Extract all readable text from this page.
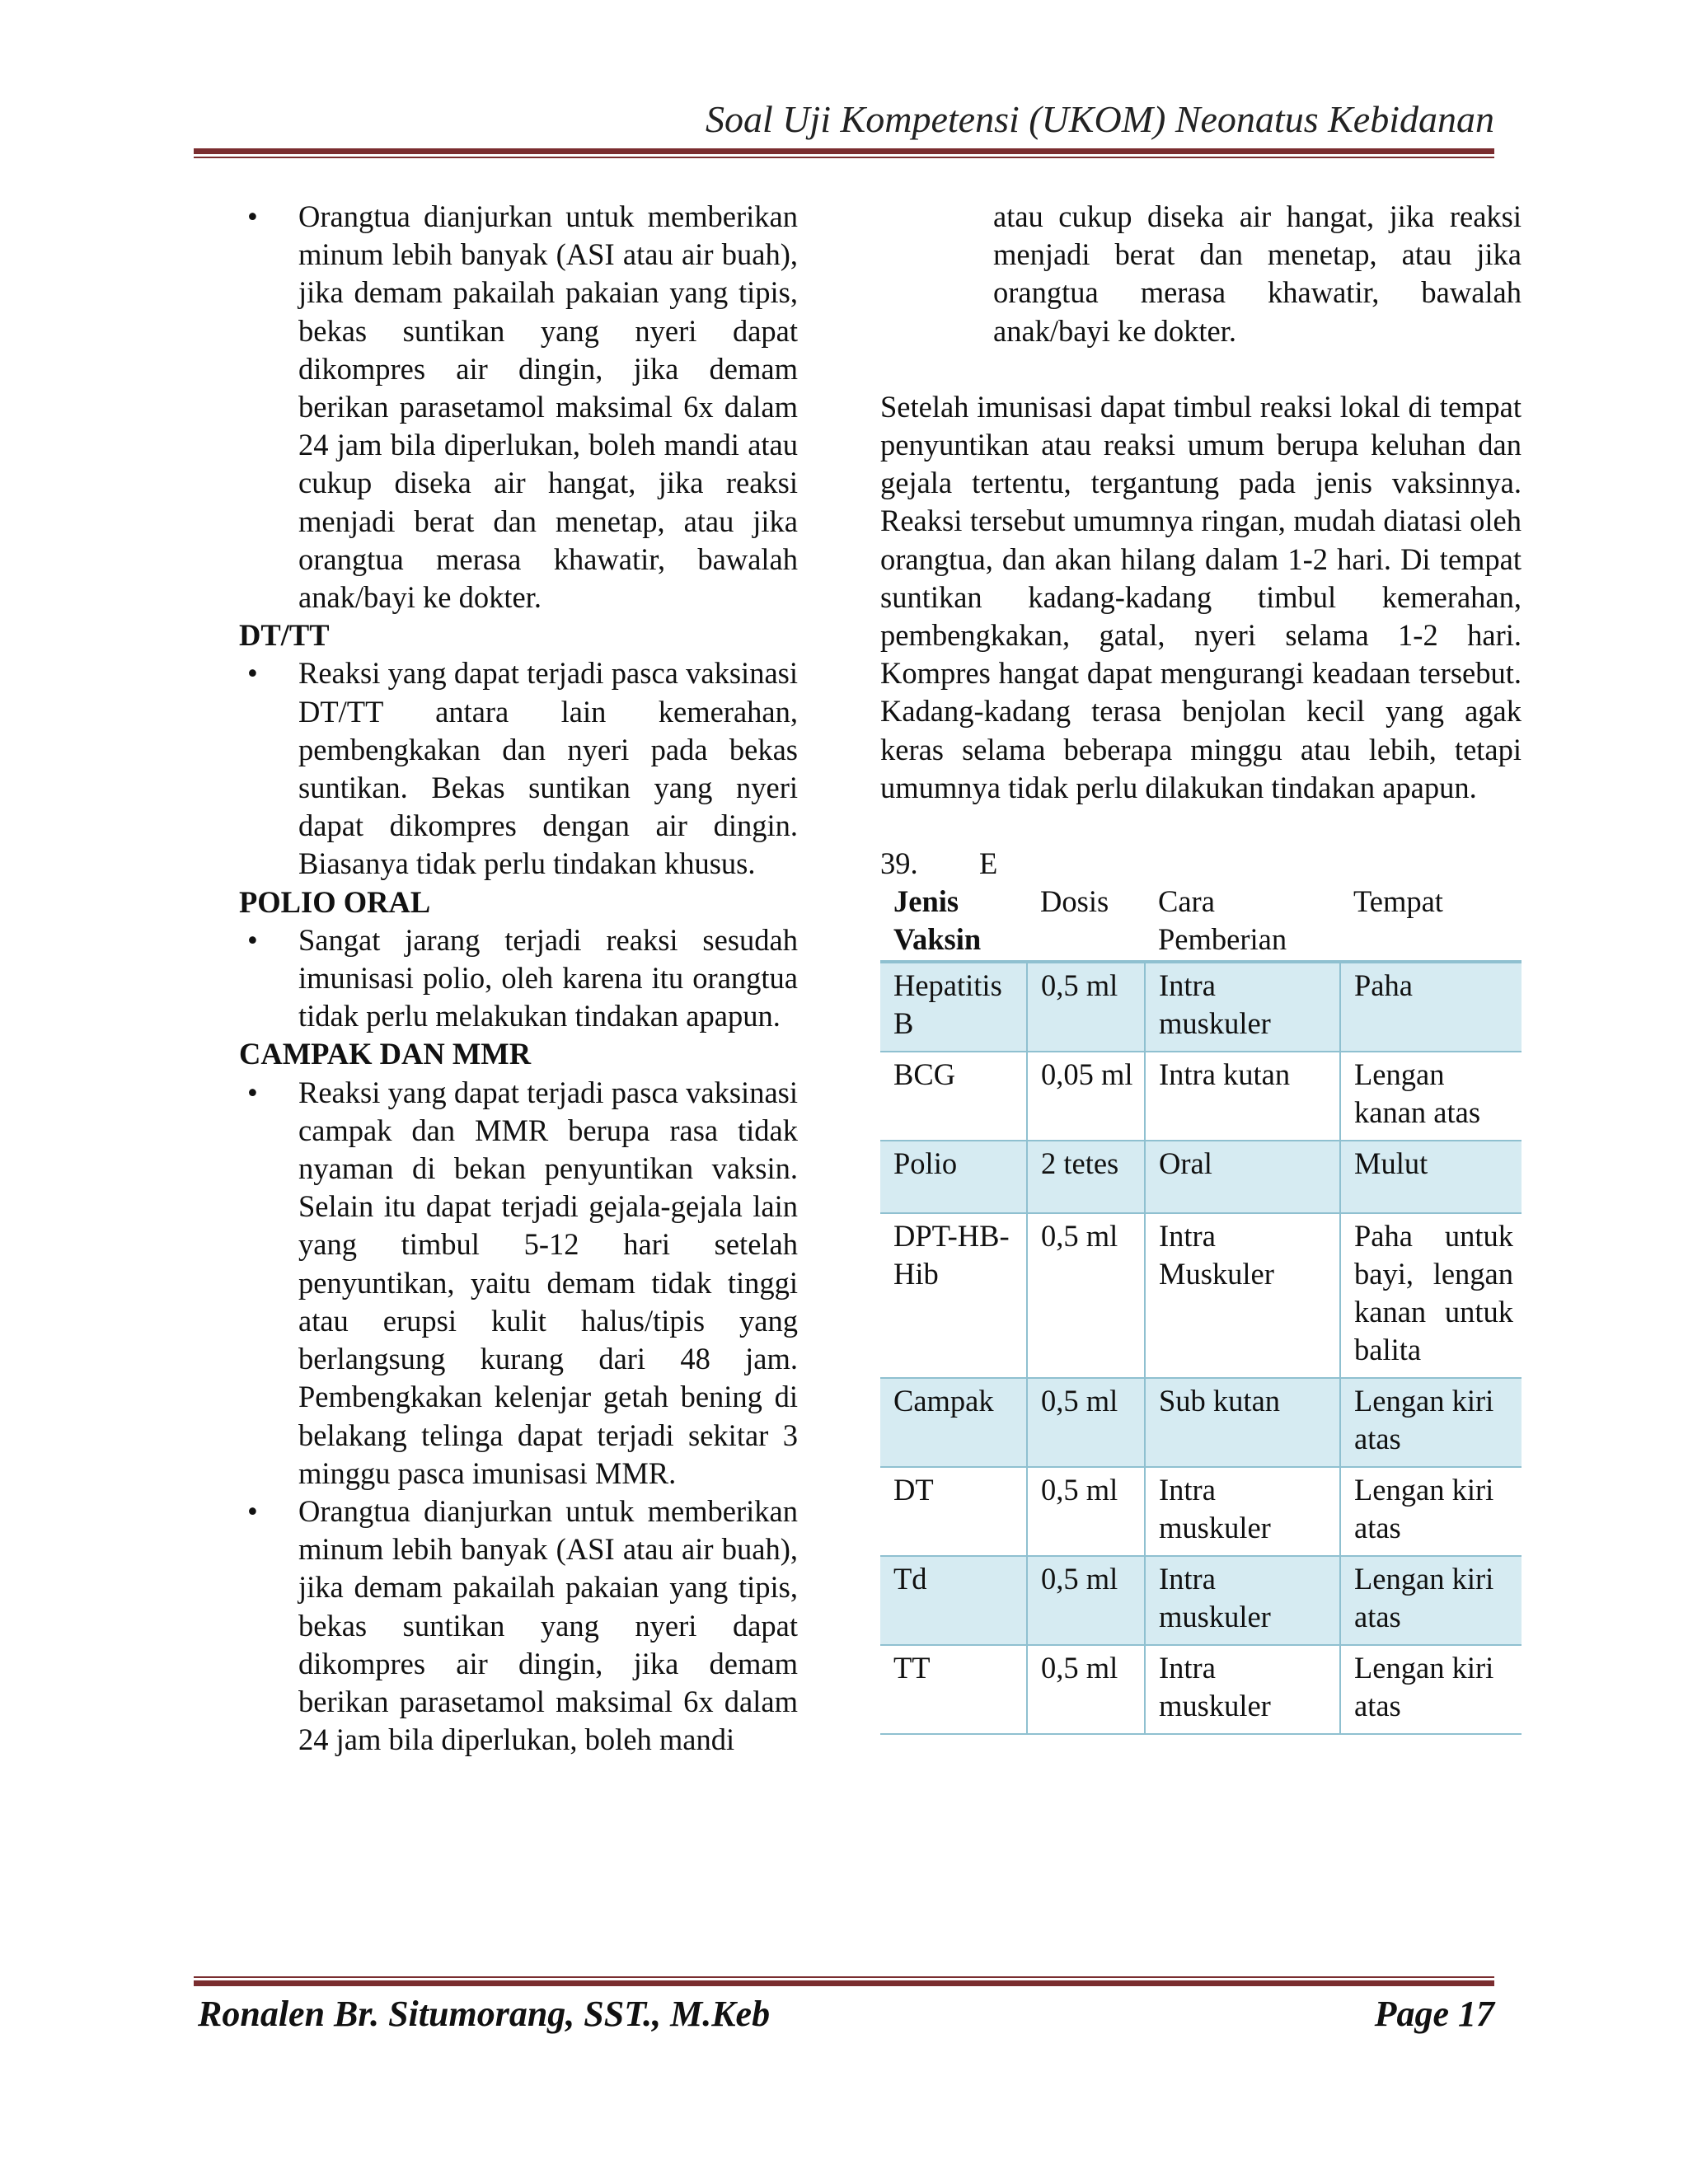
Soal Uji Kompetensi (UKOM) Neonatus Kebidanan
• Orangtua dianjurkan untuk memberikan minum lebih banyak (ASI atau air buah), jika demam pakailah pakaian yang tipis, bekas suntikan yang nyeri dapat dikompres air dingin, jika demam berikan parasetamol maksimal 6x dalam 24 jam bila diperlukan, boleh mandi atau cukup diseka air hangat, jika reaksi menjadi berat dan menetap, atau jika orangtua merasa khawatir, bawalah anak/bayi ke dokter.
DT/TT
• Reaksi yang dapat terjadi pasca vaksinasi DT/TT antara lain kemerahan, pembengkakan dan nyeri pada bekas suntikan. Bekas suntikan yang nyeri dapat dikompres dengan air dingin. Biasanya tidak perlu tindakan khusus.
POLIO ORAL
• Sangat jarang terjadi reaksi sesudah imunisasi polio, oleh karena itu orangtua tidak perlu melakukan tindakan apapun.
CAMPAK DAN MMR
• Reaksi yang dapat terjadi pasca vaksinasi campak dan MMR berupa rasa tidak nyaman di bekan penyuntikan vaksin. Selain itu dapat terjadi gejala-gejala lain yang timbul 5-12 hari setelah penyuntikan, yaitu demam tidak tinggi atau erupsi kulit halus/tipis yang berlangsung kurang dari 48 jam. Pembengkakan kelenjar getah bening di belakang telinga dapat terjadi sekitar 3 minggu pasca imunisasi MMR.
• Orangtua dianjurkan untuk memberikan minum lebih banyak (ASI atau air buah), jika demam pakailah pakaian yang tipis, bekas suntikan yang nyeri dapat dikompres air dingin, jika demam berikan parasetamol maksimal 6x dalam 24 jam bila diperlukan, boleh mandi
atau cukup diseka air hangat, jika reaksi menjadi berat dan menetap, atau jika orangtua merasa khawatir, bawalah anak/bayi ke dokter.
Setelah imunisasi dapat timbul reaksi lokal di tempat penyuntikan atau reaksi umum berupa keluhan dan gejala tertentu, tergantung pada jenis vaksinnya. Reaksi tersebut umumnya ringan, mudah diatasi oleh orangtua, dan akan hilang dalam 1-2 hari. Di tempat suntikan kadang-kadang timbul kemerahan, pembengkakan, gatal, nyeri selama 1-2 hari. Kompres hangat dapat mengurangi keadaan tersebut. Kadang-kadang terasa benjolan kecil yang agak keras selama beberapa minggu atau lebih, tetapi umumnya tidak perlu dilakukan tindakan apapun.
39.	E
Jenis Vaksin	Dosis	Cara Pemberian	Tempat
Hepatitis B	0,5 ml	Intra muskuler	Paha
BCG	0,05 ml	Intra kutan	Lengan kanan atas
Polio	2 tetes	Oral	Mulut
DPT-HB-Hib	0,5 ml	Intra Muskuler	Paha untuk bayi, lengan kanan untuk balita
Campak	0,5 ml	Sub kutan	Lengan kiri atas
DT	0,5 ml	Intra muskuler	Lengan kiri atas
Td	0,5 ml	Intra muskuler	Lengan kiri atas
TT	0,5 ml	Intra muskuler	Lengan kiri atas
Ronalen Br. Situmorang, SST., M.Keb	Page 17
